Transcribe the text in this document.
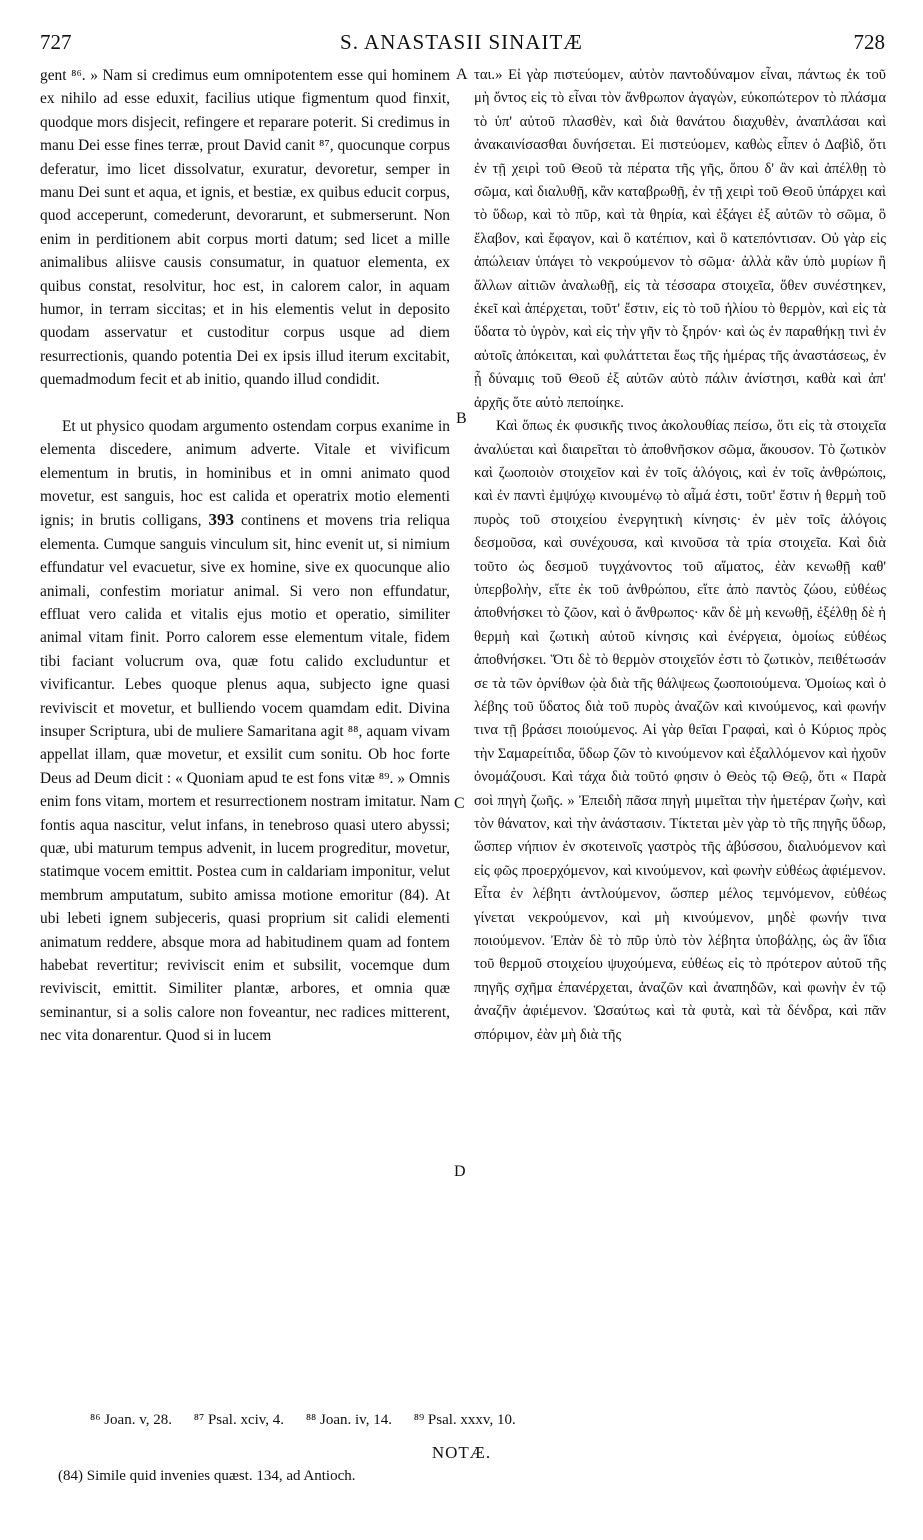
727	S. ANASTASII SINAITÆ	728

gent ⁸⁶. » Nam si credimus eum omnipotentem esse qui hominem ex nihilo ad esse eduxit, facilius utique figmentum quod finxit, quodque mors disjecit, refingere et reparare poterit. Si credimus in manu Dei esse fines terræ, prout David canit ⁸⁷, quocunque corpus deferatur, imo licet dissolvatur, exuratur, devoretur, semper in manu Dei sunt et aqua, et ignis, et bestiæ, ex quibus educit corpus, quod acceperunt, comederunt, devorarunt, et submerserunt. Non enim in perditionem abit corpus morti datum; sed licet a mille animalibus aliisve causis consumatur, in quatuor elementa, ex quibus constat, resolvitur, hoc est, in calorem calor, in aquam humor, in terram siccitas; et in his elementis velut in deposito quodam asservatur et custoditur corpus usque ad diem resurrectionis, quando potentia Dei ex ipsis illud iterum excitabit, quemadmodum fecit et ab initio, quando illud condidit.

Et ut physico quodam argumento ostendam corpus exanime in elementa discedere, animum adverte. Vitale et vivificum elementum in brutis, in hominibus et in omni animato quod movetur, est sanguis, hoc est calida et operatrix motio elementi ignis; in brutis colligans, 393 continens et movens tria reliqua elementa. Cumque sanguis vinculum sit, hinc evenit ut, si nimium effundatur vel evacuetur, sive ex homine, sive ex quocunque alio animali, confestim moriatur animal. Si vero non effundatur, effluat vero calida et vitalis ejus motio et operatio, similiter animal vitam finit. Porro calorem esse elementum vitale, fidem tibi faciant volucrum ova, quæ fotu calido excluduntur et vivificantur. Lebes quoque plenus aqua, subjecto igne quasi reviviscit et movetur, et bulliendo vocem quamdam edit. Divina insuper Scriptura, ubi de muliere Samaritana agit ⁸⁸, aquam vivam appellat illam, quæ movetur, et exsilit cum sonitu. Ob hoc forte Deus ad Deum dicit : « Quoniam apud te est fons vitæ ⁸⁹. » Omnis enim fons vitam, mortem et resurrectionem nostram imitatur. Nam fontis aqua nascitur, velut infans, in tenebroso quasi utero abyssi; quæ, ubi maturum tempus advenit, in lucem progreditur, movetur, statimque vocem emittit. Postea cum in caldariam imponitur, velut membrum amputatum, subito amissa motione emoritur (84). At ubi lebeti ignem subjeceris, quasi proprium sit calidi elementi animatum reddere, absque mora ad habitudinem quam ad fontem habebat revertitur; reviviscit enim et subsilit, vocemque dum reviviscit, emittit. Similiter plantæ, arbores, et omnia quæ seminantur, si a solis calore non foveantur, nec radices mitterent, nec vita donarentur. Quod si in lucem

A
B
C
D

ται.» Εἰ γὰρ πιστεύομεν, αὐτὸν παντοδύναμον εἶναι, πάντως ἐκ τοῦ μὴ ὄντος εἰς τὸ εἶναι τὸν ἄνθρωπον ἀγαγὼν, εὐκοπώτερον τὸ πλάσμα τὸ ὑπ' αὐτοῦ πλασθὲν, καὶ διὰ θανάτου διαχυθὲν, ἀναπλάσαι καὶ ἀνακαινίσασθαι δυνήσεται. Εἰ πιστεύομεν, καθὼς εἶπεν ὁ Δαβὶδ, ὅτι ἐν τῇ χειρὶ τοῦ Θεοῦ τὰ πέρατα τῆς γῆς, ὅπου δ' ἂν καὶ ἀπέλθῃ τὸ σῶμα, καὶ διαλυθῇ, κἂν καταβρωθῇ, ἐν τῇ χειρὶ τοῦ Θεοῦ ὑπάρχει καὶ τὸ ὕδωρ, καὶ τὸ πῦρ, καὶ τὰ θηρία, καὶ ἐξάγει ἐξ αὐτῶν τὸ σῶμα, ὃ ἔλαβον, καὶ ἔφαγον, καὶ ὃ κατέπιον, καὶ ὃ κατεπόντισαν. Οὐ γὰρ εἰς ἀπώλειαν ὑπάγει τὸ νεκρούμενον τὸ σῶμα· ἀλλὰ κἂν ὑπὸ μυρίων ἢ ἄλλων αἰτιῶν ἀναλωθῇ, εἰς τὰ τέσσαρα στοιχεῖα, ὅθεν συνέστηκεν, ἐκεῖ καὶ ἀπέρχεται, τοῦτ' ἔστιν, εἰς τὸ τοῦ ἡλίου τὸ θερμὸν, καὶ εἰς τὰ ὕδατα τὸ ὑγρὸν, καὶ εἰς τὴν γῆν τὸ ξηρόν· καὶ ὡς ἐν παραθήκῃ τινὶ ἐν αὐτοῖς ἀπόκειται, καὶ φυλάττεται ἕως τῆς ἡμέρας τῆς ἀναστάσεως, ἐν ᾗ δύναμις τοῦ Θεοῦ ἐξ αὐτῶν αὐτὸ πάλιν ἀνίστησι, καθὰ καὶ ἀπ' ἀρχῆς ὅτε αὐτὸ πεποίηκε.

Καὶ ὅπως ἐκ φυσικῆς τινος ἀκολουθίας πείσω, ὅτι εἰς τὰ στοιχεῖα ἀναλύεται καὶ διαιρεῖται τὸ ἀποθνῆσκον σῶμα, ἄκουσον. Τὸ ζωτικὸν καὶ ζωοποιὸν στοιχεῖον καὶ ἐν τοῖς ἀλόγοις, καὶ ἐν τοῖς ἀνθρώποις, καὶ ἐν παντὶ ἐμψύχῳ κινουμένῳ τὸ αἷμά ἐστι, τοῦτ' ἔστιν ἡ θερμὴ τοῦ πυρὸς τοῦ στοιχείου ἐνεργητικὴ κίνησις· ἐν μὲν τοῖς ἀλόγοις δεσμοῦσα, καὶ συνέχουσα, καὶ κινοῦσα τὰ τρία στοιχεῖα. Καὶ διὰ τοῦτο ὡς δεσμοῦ τυγχάνοντος τοῦ αἵματος, ἐὰν κενωθῇ καθ' ὑπερβολὴν, εἴτε ἐκ τοῦ ἀνθρώπου, εἴτε ἀπὸ παντὸς ζώου, εὐθέως ἀποθνήσκει τὸ ζῶον, καὶ ὁ ἄνθρωπος· κἂν δὲ μὴ κενωθῇ, ἐξέλθῃ δὲ ἡ θερμὴ καὶ ζωτικὴ αὐτοῦ κίνησις καὶ ἐνέργεια, ὁμοίως εὐθέως ἀποθνήσκει. Ὅτι δὲ τὸ θερμὸν στοιχεῖόν ἐστι τὸ ζωτικὸν, πειθέτωσάν σε τὰ τῶν ὀρνίθων ᾠὰ διὰ τῆς θάλψεως ζωοποιούμενα. Ὁμοίως καὶ ὁ λέβης τοῦ ὕδατος διὰ τοῦ πυρὸς ἀναζῶν καὶ κινούμενος, καὶ φωνήν τινα τῇ βράσει ποιούμενος. Αἱ γὰρ θεῖαι Γραφαὶ, καὶ ὁ Κύριος πρὸς τὴν Σαμαρείτιδα, ὕδωρ ζῶν τὸ κινούμενον καὶ ἐξαλλόμενον καὶ ἠχοῦν ὀνομάζουσι. Καὶ τάχα διὰ τοῦτό φησιν ὁ Θεὸς τῷ Θεῷ, ὅτι « Παρὰ σοὶ πηγὴ ζωῆς. » Ἐπειδὴ πᾶσα πηγὴ μιμεῖται τὴν ἡμετέραν ζωὴν, καὶ τὸν θάνατον, καὶ τὴν ἀνάστασιν. Τίκτεται μὲν γὰρ τὸ τῆς πηγῆς ὕδωρ, ὥσπερ νήπιον ἐν σκοτεινοῖς γαστρὸς τῆς ἀβύσσου, διαλυόμενον καὶ εἰς φῶς προερχόμενον, καὶ κινούμενον, καὶ φωνὴν εὐθέως ἀφιέμενον. Εἶτα ἐν λέβητι ἀντλούμενον, ὥσπερ μέλος τεμνόμενον, εὐθέως γίνεται νεκρούμενον, καὶ μὴ κινούμενον, μηδὲ φωνήν τινα ποιούμενον. Ἐπὰν δὲ τὸ πῦρ ὑπὸ τὸν λέβητα ὑποβάλῃς, ὡς ἂν ἴδια τοῦ θερμοῦ στοιχείου ψυχούμενα, εὐθέως εἰς τὸ πρότερον αὐτοῦ τῆς πηγῆς σχῆμα ἐπανέρχεται, ἀναζῶν καὶ ἀναπηδῶν, καὶ φωνὴν ἐν τῷ ἀναζῆν ἀφιέμενον. Ὡσαύτως καὶ τὰ φυτὰ, καὶ τὰ δένδρα, καὶ πᾶν σπόριμον, ἐὰν μὴ διὰ τῆς

⁸⁶ Joan. v, 28. ⁸⁷ Psal. xciv, 4. ⁸⁸ Joan. iv, 14. ⁸⁹ Psal. xxxv, 10.
NOTÆ.
(84) Simile quid invenies quæst. 134, ad Antioch.
